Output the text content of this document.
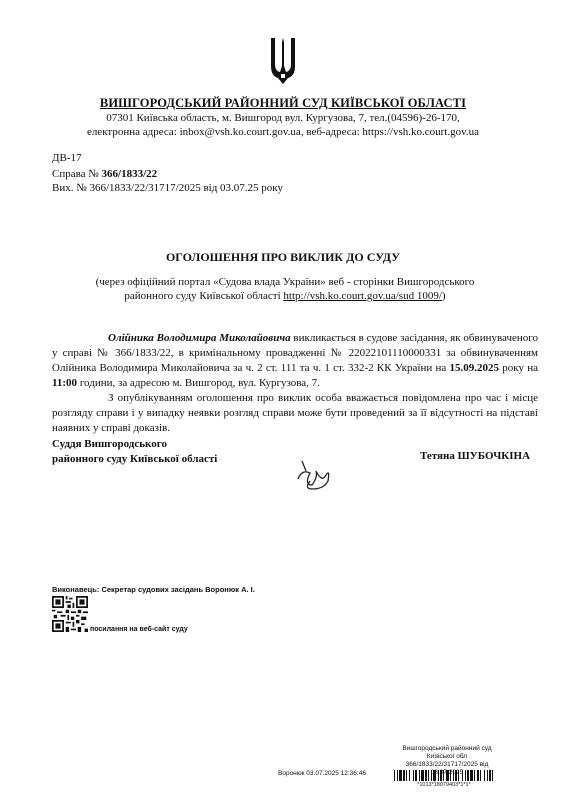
ВИШГОРОДСЬКИЙ РАЙОННИЙ СУД КИЇВСЬКОЇ ОБЛАСТІ
07301 Київська область, м. Вишгород вул. Кургузова, 7, тел.(04596)-26-170,
електронна адреса: inbox@vsh.ko.court.gov.ua, веб-адреса: https://vsh.ko.court.gov.ua
ДВ-17
Справа № 366/1833/22
Вих. № 366/1833/22/31717/2025 від 03.07.25 року
ОГОЛОШЕННЯ ПРО ВИКЛИК ДО СУДУ
(через офіційний портал «Судова влада України» веб - сторінки Вишгородського районного суду Київської області http://vsh.ko.court.gov.ua/sud 1009/)

Олійника Володимира Миколайовича викликається в судове засідання, як обвинуваченого у справі № 366/1833/22, в кримінальному провадженні № 22022101110000331 за обвинуваченням Олійника Володимира Миколайовича за ч. 2 ст. 111 та ч. 1 ст. 332-2 КК України на 15.09.2025 року на 11:00 години, за адресою м. Вишгород, вул. Кургузова, 7.

З опублікуванням оголошення про виклик особа вважається повідомлена про час і місце розгляду справи і у випадку неявки розгляд справи може бути проведений за її відсутності на підставі наявних у справі доказів.

Суддя Вишгородського
районного суду Київської області	Тетяна ШУБОЧКІНА
Виконавець: Секретар судових засідань Воронюк А. І.
посилання на веб-сайт суду
Вишгородський районний суд
Київської обл
366/1833/22/31717/2025 від
Воронюк 03.07.2025 12:36:46
*1013*18079403*1*1*
